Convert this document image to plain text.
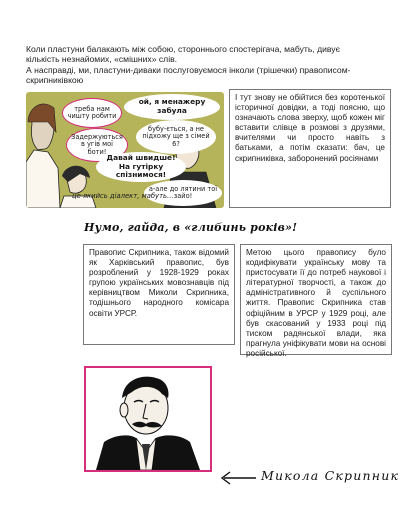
Коли пластуни балакають між собою, стороннього спостерігача, мабуть, дивує кількість незнайомих, «смішних» слів.

А насправді, ми, пластуни-диваки послуговуємося інколи (трішечки) правописом-скрипниківкою

треба нам чишту робити
ой, я менажеру забула
бубу-ється, а не підхожу ще з сімей 6?
Задержуються в угів мої боти!
Давай швидше! На гутірку спізнимося!
а-але до лятини тої зайо!
це якийсь діалект, мабуть...
І тут знову не обійтися без коротенької історичної довідки, а тоді поясню, що означають слова зверху, щоб кожен міг вставити слівце в розмові з друзями, вчителями чи просто навіть з батьками, а потім сказати: бач, це скрипниківка, заборонений росіянами
Нумо, гайда, в «глибинь років»!
Правопис Скрипника, також відомий як Харківський правопис, був розроблений у 1928-1929 роках групою українських мовознавців під керівництвом Миколи Скрипника, тодішнього народного комісара освіти УРСР.
Метою цього правопису було кодифікувати українську мову та пристосувати її до потреб наукової і літературної творчості, а також до адміністративного й суспільного життя. Правопис Скрипника став офіційним в УРСР у 1929 році, але був скасований у 1933 році під тиском радянської влади, яка прагнула уніфікувати мови на основі російської.
Микола Скрипник
